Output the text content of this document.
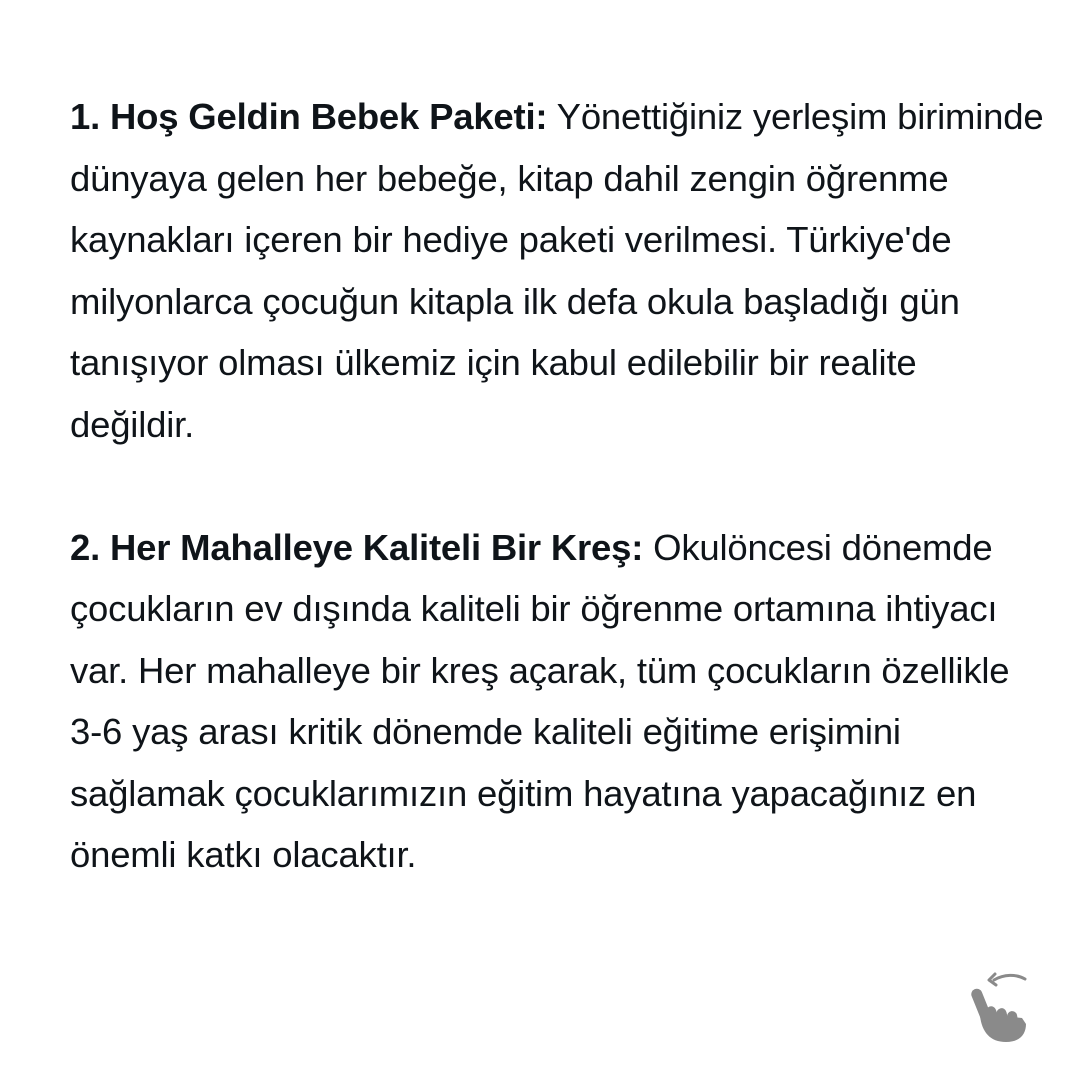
1. Hoş Geldin Bebek Paketi: Yönettiğiniz yerleşim biriminde dünyaya gelen her bebeğe, kitap dahil zengin öğrenme kaynakları içeren bir hediye paketi verilmesi. Türkiye'de milyonlarca çocuğun kitapla ilk defa okula başladığı gün tanışıyor olması ülkemiz için kabul edilebilir bir realite değildir.

2. Her Mahalleye Kaliteli Bir Kreş: Okulöncesi dönemde çocukların ev dışında kaliteli bir öğrenme ortamına ihtiyacı var. Her mahalleye bir kreş açarak, tüm çocukların özellikle 3-6 yaş arası kritik dönemde kaliteli eğitime erişimini sağlamak çocuklarımızın eğitim hayatına yapacağınız en önemli katkı olacaktır.
